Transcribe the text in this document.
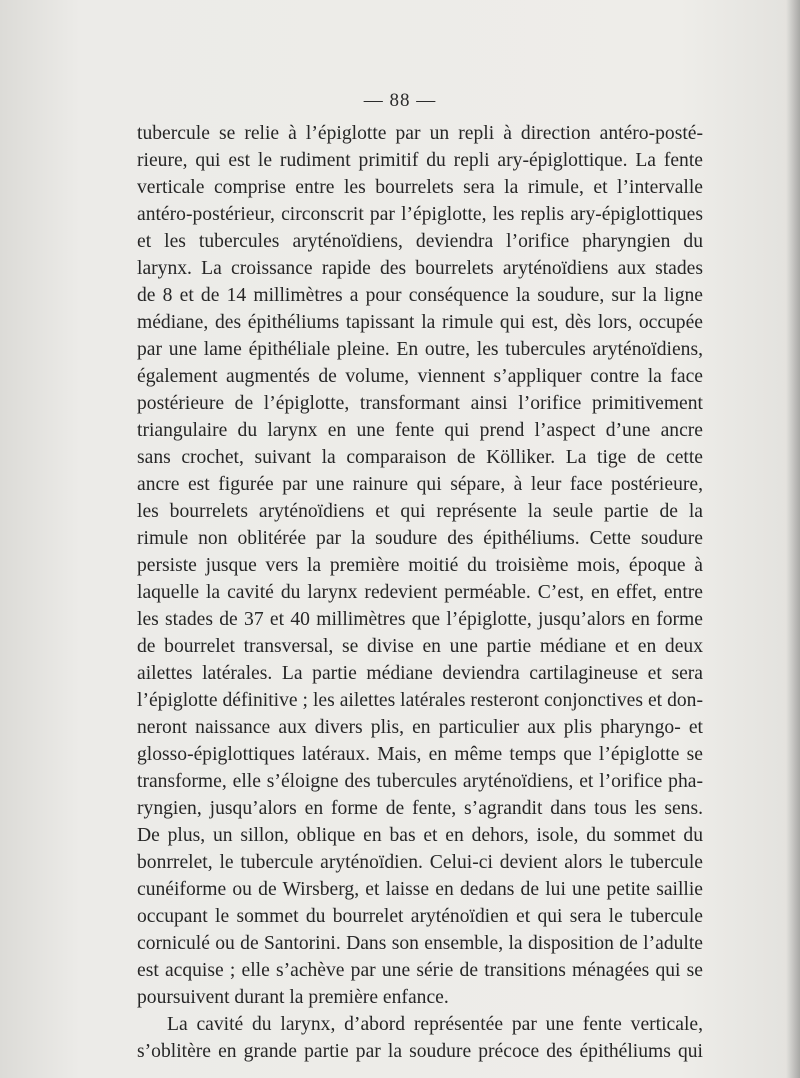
— 88 —
tubercule se relie à l’épiglotte par un repli à direction antéro-posté-
rieure, qui est le rudiment primitif du repli ary-épiglottique. La fente
verticale comprise entre les bourrelets sera la rimule, et l’intervalle
antéro-postérieur, circonscrit par l’épiglotte, les replis ary-épiglottiques
et les tubercules aryténoïdiens, deviendra l’orifice pharyngien du
larynx. La croissance rapide des bourrelets aryténoïdiens aux stades
de 8 et de 14 millimètres a pour conséquence la soudure, sur la ligne
médiane, des épithéliums tapissant la rimule qui est, dès lors, occupée
par une lame épithéliale pleine. En outre, les tubercules aryténoïdiens,
également augmentés de volume, viennent s’appliquer contre la face
postérieure de l’épiglotte, transformant ainsi l’orifice primitivement
triangulaire du larynx en une fente qui prend l’aspect d’une ancre
sans crochet, suivant la comparaison de Kölliker. La tige de cette
ancre est figurée par une rainure qui sépare, à leur face postérieure,
les bourrelets aryténoïdiens et qui représente la seule partie de la
rimule non oblitérée par la soudure des épithéliums. Cette soudure
persiste jusque vers la première moitié du troisième mois, époque à
laquelle la cavité du larynx redevient perméable. C’est, en effet, entre
les stades de 37 et 40 millimètres que l’épiglotte, jusqu’alors en forme
de bourrelet transversal, se divise en une partie médiane et en deux
ailettes latérales. La partie médiane deviendra cartilagineuse et sera
l’épiglotte définitive ; les ailettes latérales resteront conjonctives et don-
neront naissance aux divers plis, en particulier aux plis pharyngo- et
glosso-épiglottiques latéraux. Mais, en même temps que l’épiglotte se
transforme, elle s’éloigne des tubercules aryténoïdiens, et l’orifice pha-
ryngien, jusqu’alors en forme de fente, s’agrandit dans tous les sens.
De plus, un sillon, oblique en bas et en dehors, isole, du sommet du
bonrrelet, le tubercule aryténoïdien. Celui-ci devient alors le tubercule
cunéiforme ou de Wirsberg, et laisse en dedans de lui une petite saillie
occupant le sommet du bourrelet aryténoïdien et qui sera le tubercule
corniculé ou de Santorini. Dans son ensemble, la disposition de l’adulte
est acquise ; elle s’achève par une série de transitions ménagées qui se
poursuivent durant la première enfance.
La cavité du larynx, d’abord représentée par une fente verticale,
s’oblitère en grande partie par la soudure précoce des épithéliums qui
